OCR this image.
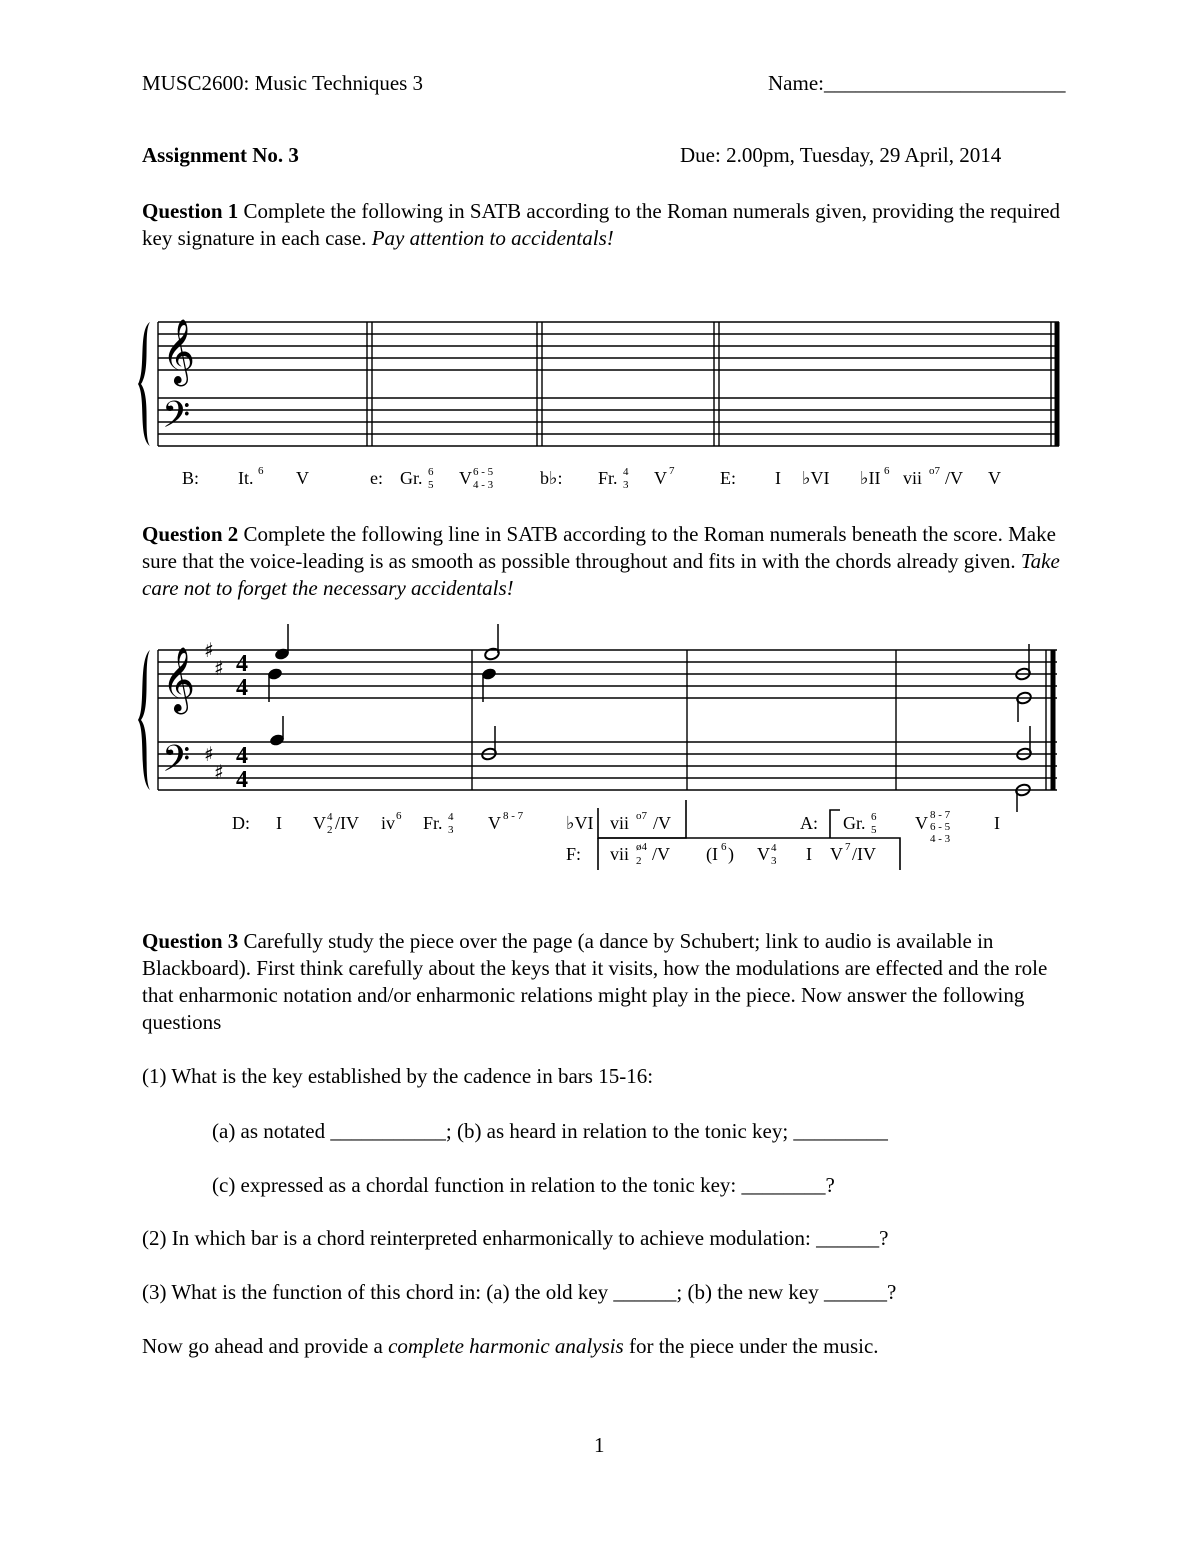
MUSC2600: Music Techniques 3	Name:_______________________
Assignment No. 3	Due: 2.00pm, Tuesday, 29 April, 2014
Question 1 Complete the following in SATB according to the Roman numerals given, providing the required key signature in each case. Pay attention to accidentals!
𝄞
𝄢
B: It. 6 V	e: Gr. 6
5 V 6 - 5
4 - 3	b♭: Fr. 4
3 V 7	E: I ♭VI ♭II 6 vii o7 /V V
Question 2 Complete the following line in SATB according to the Roman numerals beneath the score. Make sure that the voice-leading is as smooth as possible throughout and fits in with the chords already given. Take care not to forget the necessary accidentals!
𝄞
𝄢
♯
♯
♯
♯
4
4
4
4
D: I V 4
2 /IV iv 6 Fr. 4
3 V 8 - 7 ♭VI vii o7 /V	A: Gr. 6
5 V 8 - 7
6 - 5
4 - 3
I
F: vii ø4
2 /V (I 6 ) V 4
3 I V 7 /IV
Question 3 Carefully study the piece over the page (a dance by Schubert; link to audio is available in Blackboard). First think carefully about the keys that it visits, how the modulations are effected and the role that enharmonic notation and/or enharmonic relations might play in the piece. Now answer the following questions
(1) What is the key established by the cadence in bars 15-16:
(a) as notated ___________; (b) as heard in relation to the tonic key; _________
(c) expressed as a chordal function in relation to the tonic key: ________?
(2) In which bar is a chord reinterpreted enharmonically to achieve modulation: ______?
(3) What is the function of this chord in: (a) the old key ______; (b) the new key ______?
Now go ahead and provide a complete harmonic analysis for the piece under the music.
1
